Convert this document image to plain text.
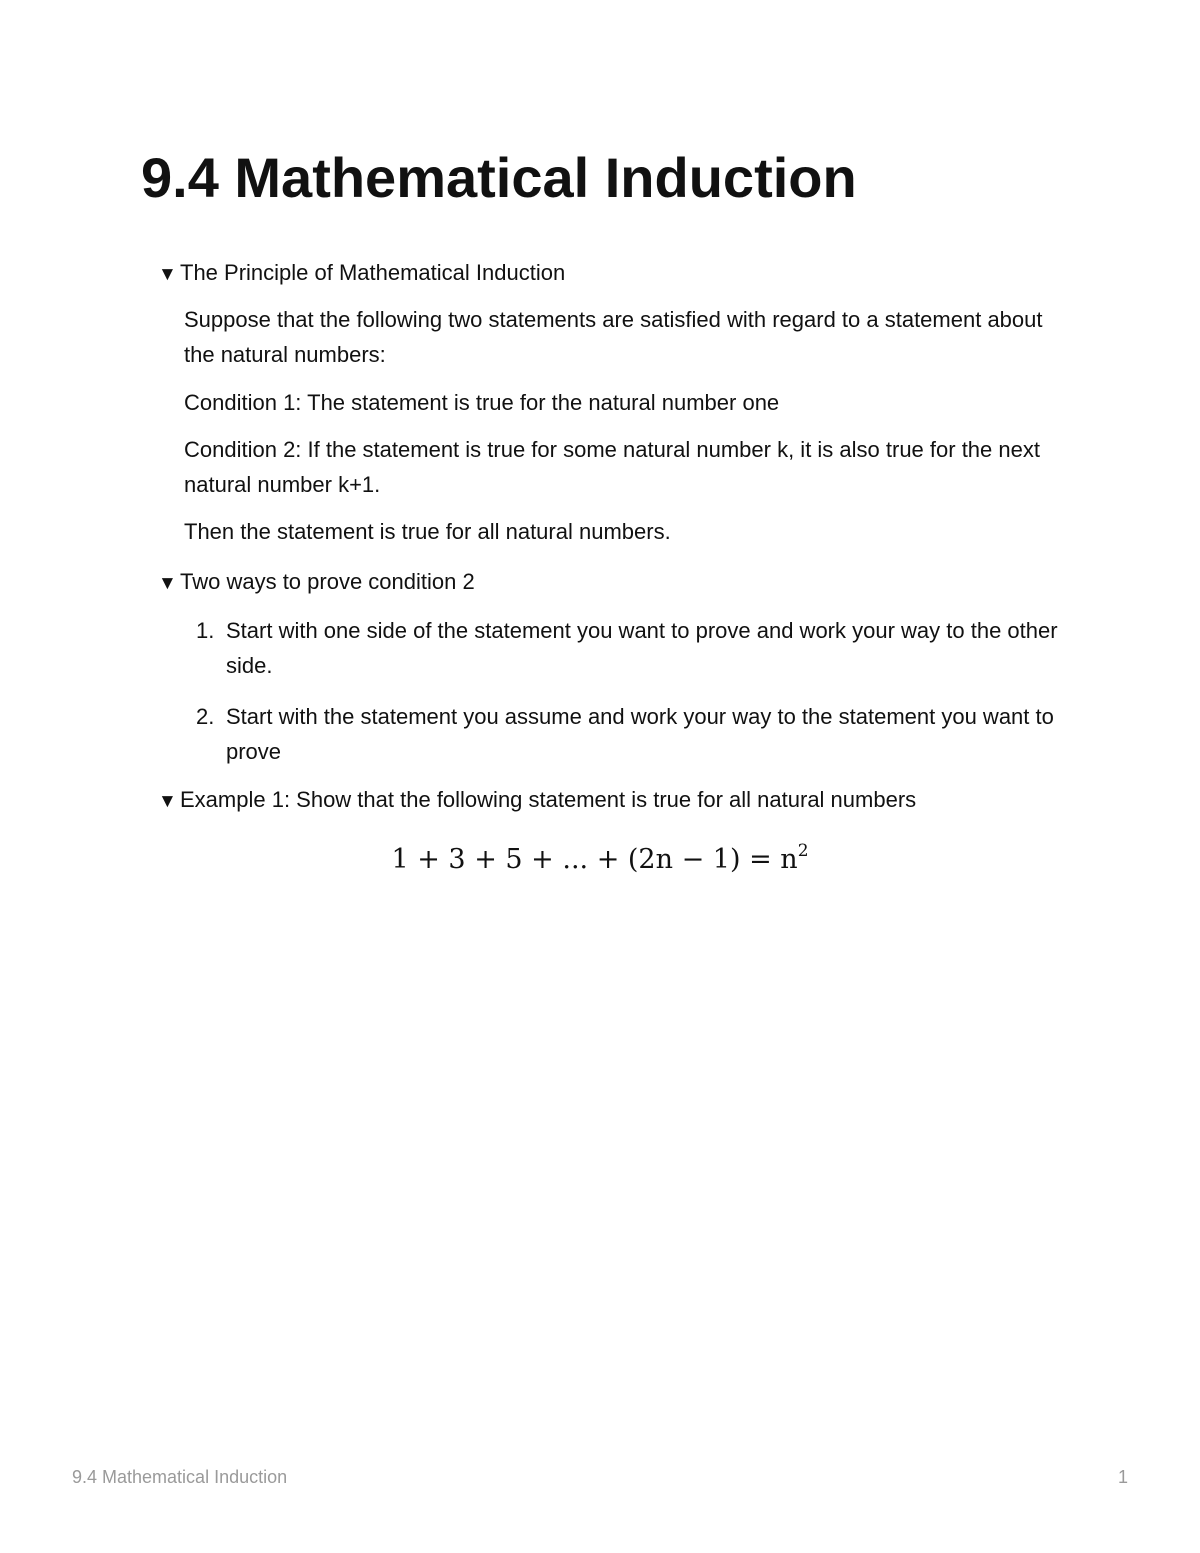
9.4 Mathematical Induction
▼ The Principle of Mathematical Induction

Suppose that the following two statements are satisfied with regard to a statement about the natural numbers:

Condition 1: The statement is true for the natural number one

Condition 2: If the statement is true for some natural number k, it is also true for the next natural number k+1.

Then the statement is true for all natural numbers.

▼ Two ways to prove condition 2
1. Start with one side of the statement you want to prove and work your way to the other side.
2. Start with the statement you assume and work your way to the statement you want to prove
▼ Example 1: Show that the following statement is true for all natural numbers
1 + 3 + 5 + ... + $(2n - 1) = n^2$
9.4 Mathematical Induction	1
